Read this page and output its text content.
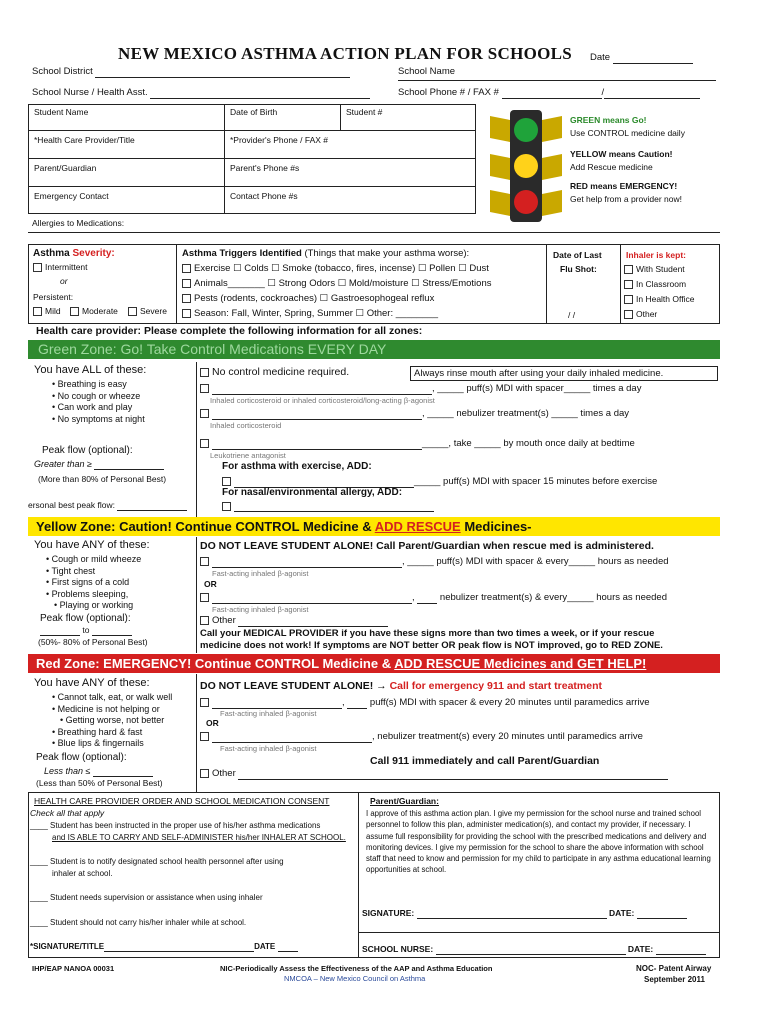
NEW MEXICO ASTHMA ACTION PLAN FOR SCHOOLS Date
School District	School Name
School Nurse / Health Asst.	School Phone # / FAX #	/
Student Name	Date of Birth	Student #
*Health Care Provider/Title	*Provider's Phone / FAX #
Parent/Guardian	Parent's Phone #s
Emergency Contact	Contact Phone #s
Allergies to Medications:
GREEN means Go!
Use CONTROL medicine daily
YELLOW means Caution!
Add Rescue medicine
RED means EMERGENCY!
Get help from a provider now!
Asthma Severity:
Intermittent
or
Persistent:
Mild	Moderate	Severe
Asthma Triggers Identified (Things that make your asthma worse):
Exercise ☐ Colds ☐ Smoke (tobacco, fires, incense) ☐ Pollen ☐ Dust
Animals_______ ☐ Strong Odors ☐ Mold/moisture ☐ Stress/Emotions
Pests (rodents, cockroaches) ☐ Gastroesophogeal reflux
Season: Fall, Winter, Spring, Summer ☐ Other: ________
Date of Last
Flu Shot:
/ /
Inhaler is kept:
With Student
In Classroom
In Health Office
Other
Health care provider: Please complete the following information for all zones:
Green Zone: Go! Take Control Medications EVERY DAY
You have ALL of these:
• Breathing is easy
• No cough or wheeze
• Can work and play
• No symptoms at night
Peak flow (optional):
Greater than ≥
(More than 80% of Personal Best)
ersonal best peak flow:
No control medicine required.	Always rinse mouth after using your daily inhaled medicine.
, _____ puff(s) MDI with spacer_____ times a day
Inhaled corticosteroid or inhaled corticosteroid/long-acting β-agonist
, _____ nebulizer treatment(s) _____ times a day
Inhaled corticosteroid
_____, take _____ by mouth once daily at bedtime
Leukotriene antagonist
For asthma with exercise, ADD:
_____ puff(s) MDI with spacer 15 minutes before exercise
For nasal/environmental allergy, ADD:

Yellow Zone: Caution! Continue CONTROL Medicine & ADD RESCUE Medicines-
You have ANY of these:
• Cough or mild wheeze
• Tight chest
• First signs of a cold
• Problems sleeping,
• Playing or working
Peak flow (optional):
to
(50%- 80% of Personal Best)
DO NOT LEAVE STUDENT ALONE! Call Parent/Guardian when rescue med is administered.
, _____ puff(s) MDI with spacer & every_____ hours as needed
Fast-acting inhaled β-agonist
OR
,   nebulizer treatment(s) & every_____ hours as needed
Fast-acting inhaled β-agonist
Other
Call your MEDICAL PROVIDER if you have these signs more than two times a week, or if your rescue
medicine does not work! If symptoms are NOT better OR peak flow is NOT improved, go to RED ZONE.
Red Zone: EMERGENCY! Continue CONTROL Medicine & ADD RESCUE Medicines and GET HELP!
You have ANY of these:
• Cannot talk, eat, or walk well
• Medicine is not helping or
• Getting worse, not better
• Breathing hard & fast
• Blue lips & fingernails
Peak flow (optional):
Less than ≤
(Less than 50% of Personal Best)
DO NOT LEAVE STUDENT ALONE! → Call for emergency 911 and start treatment
,   puff(s) MDI with spacer & every 20 minutes until paramedics arrive
Fast-acting inhaled β-agonist
OR
, nebulizer treatment(s) every 20 minutes until paramedics arrive
Fast-acting inhaled β-agonist
Call 911 immediately and call Parent/Guardian
Other
HEALTH CARE PROVIDER ORDER AND SCHOOL MEDICATION CONSENT
Check all that apply
____ Student has been instructed in the proper use of his/her asthma medications
and IS ABLE TO CARRY AND SELF-ADMINISTER his/her INHALER AT SCHOOL.
____ Student is to notify designated school health personnel after using
inhaler at school.
____ Student needs supervision or assistance when using inhaler
____ Student should not carry his/her inhaler while at school.
*SIGNATURE/TITLE	DATE
Parent/Guardian:
I approve of this asthma action plan. I give my permission for the school nurse and trained school personnel to follow this plan, administer medication(s), and contact my provider, if necessary. I assume full responsibility for providing the school with the prescribed medications and delivery and monitoring devices. I give my permission for the school to share the above information with school staff that need to know and permission for my child to participate in any asthma educational learning opportunities at school.
SIGNATURE:	DATE:
SCHOOL NURSE:	DATE:
IHP/EAP NANOA 00031	NIC-Periodically Assess the Effectiveness of the AAP and Asthma Education
NMCOA – New Mexico Council on Asthma
NOC- Patent Airway
September 2011
